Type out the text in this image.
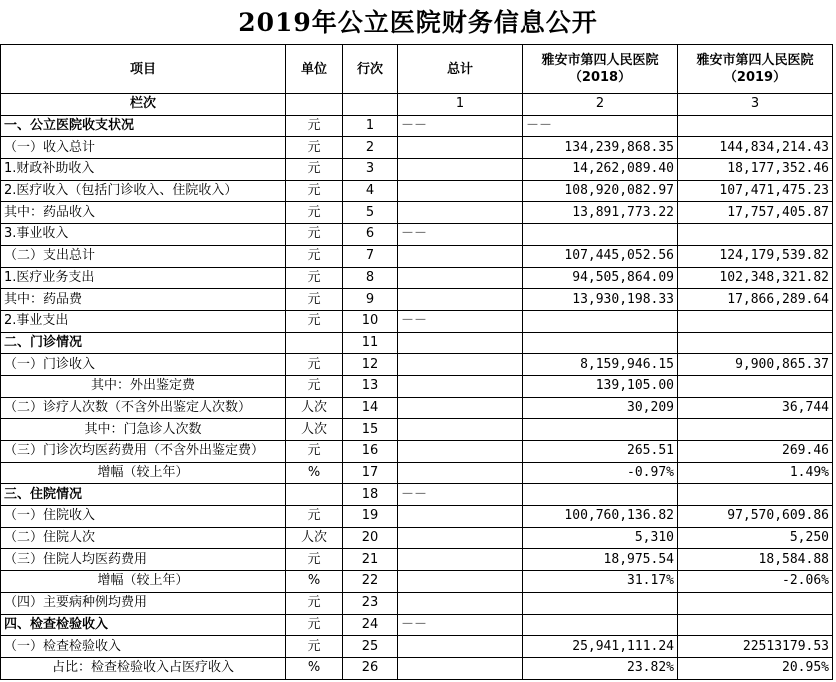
2019年公立医院财务信息公开
项目	单位	行次	总计	雅安市第四人民医院 （2018）	雅安市第四人民医院 （2019）
栏次			1	2	3
一、公立医院收支状况	元	1	－－	－－	
（一）收入总计	元	2		134,239,868.35	144,834,214.43
1.财政补助收入	元	3		14,262,089.40	18,177,352.46
2.医疗收入（包括门诊收入、住院收入）	元	4		108,920,082.97	107,471,475.23
其中：药品收入	元	5		13,891,773.22	17,757,405.87
3.事业收入	元	6	－－		
（二）支出总计	元	7		107,445,052.56	124,179,539.82
1.医疗业务支出	元	8		94,505,864.09	102,348,321.82
其中：药品费	元	9		13,930,198.33	17,866,289.64
2.事业支出	元	10	－－		
二、门诊情况		11			
（一）门诊收入	元	12		8,159,946.15	9,900,865.37
其中：外出鉴定费	元	13		139,105.00	
（二）诊疗人次数（不含外出鉴定人次数）	人次	14		30,209	36,744
其中：门急诊人次数	人次	15			
（三）门诊次均医药费用（不含外出鉴定费）	元	16		265.51	269.46
增幅（较上年）	%	17		-0.97%	1.49%
三、住院情况		18	－－		
（一）住院收入	元	19		100,760,136.82	97,570,609.86
（二）住院人次	人次	20		5,310	5,250
（三）住院人均医药费用	元	21		18,975.54	18,584.88
增幅（较上年）	%	22		31.17%	-2.06%
（四）主要病种例均费用	元	23			
四、检查检验收入	元	24	－－		
（一）检查检验收入	元	25		25,941,111.24	22513179.53
占比：检查检验收入占医疗收入	%	26		23.82%	20.95%
